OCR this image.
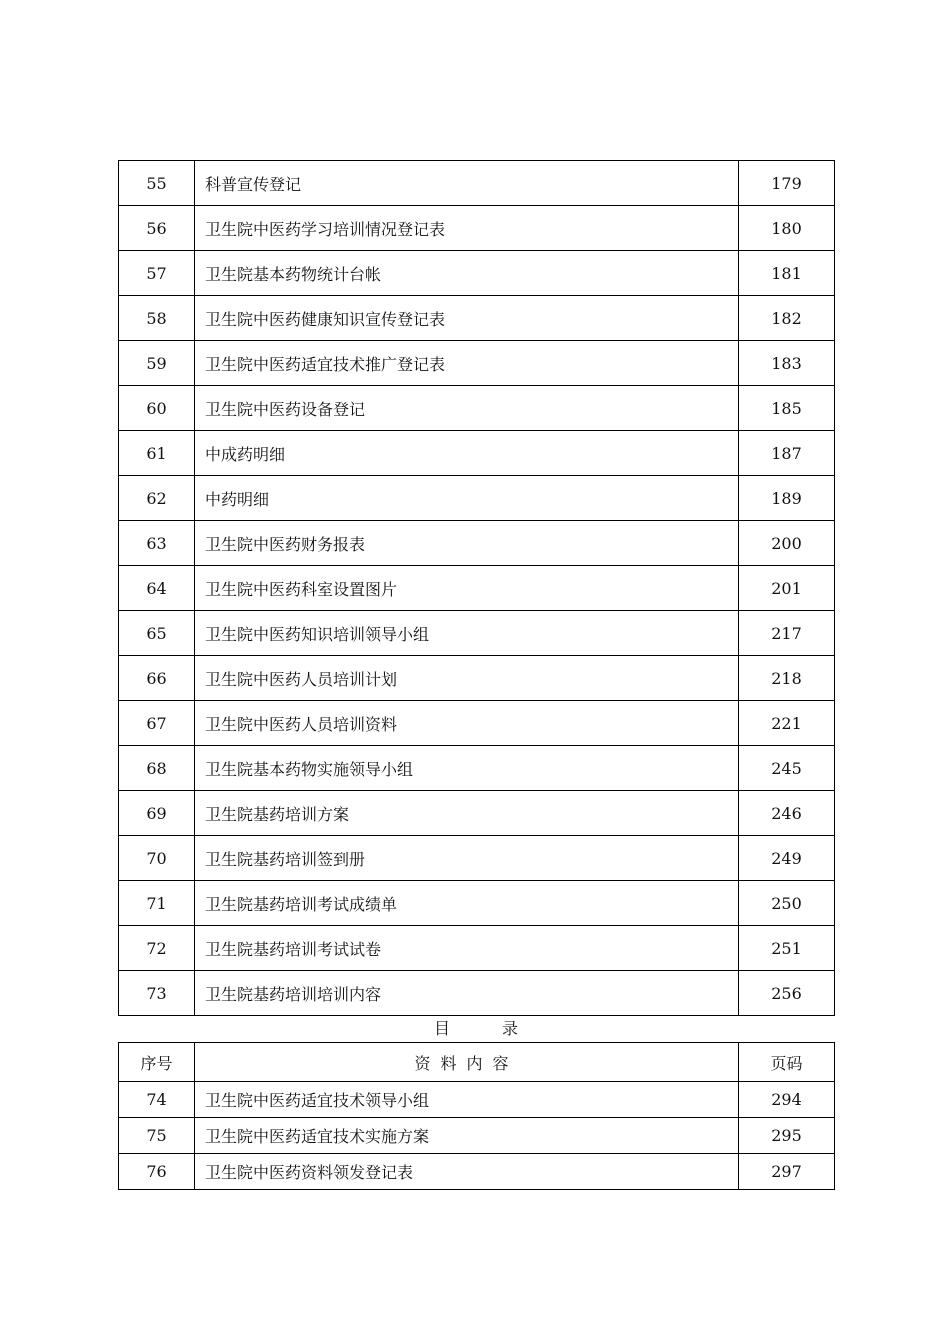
55	科普宣传登记	179
56	卫生院中医药学习培训情况登记表	180
57	卫生院基本药物统计台帐	181
58	卫生院中医药健康知识宣传登记表	182
59	卫生院中医药适宜技术推广登记表	183
60	卫生院中医药设备登记	185
61	中成药明细	187
62	中药明细	189
63	卫生院中医药财务报表	200
64	卫生院中医药科室设置图片	201
65	卫生院中医药知识培训领导小组	217
66	卫生院中医药人员培训计划	218
67	卫生院中医药人员培训资料	221
68	卫生院基本药物实施领导小组	245
69	卫生院基药培训方案	246
70	卫生院基药培训签到册	249
71	卫生院基药培训考试成绩单	250
72	卫生院基药培训考试试卷	251
73	卫生院基药培训培训内容	256
目录
序号	资料内容	页码
74	卫生院中医药适宜技术领导小组	294
75	卫生院中医药适宜技术实施方案	295
76	卫生院中医药资料领发登记表	297
